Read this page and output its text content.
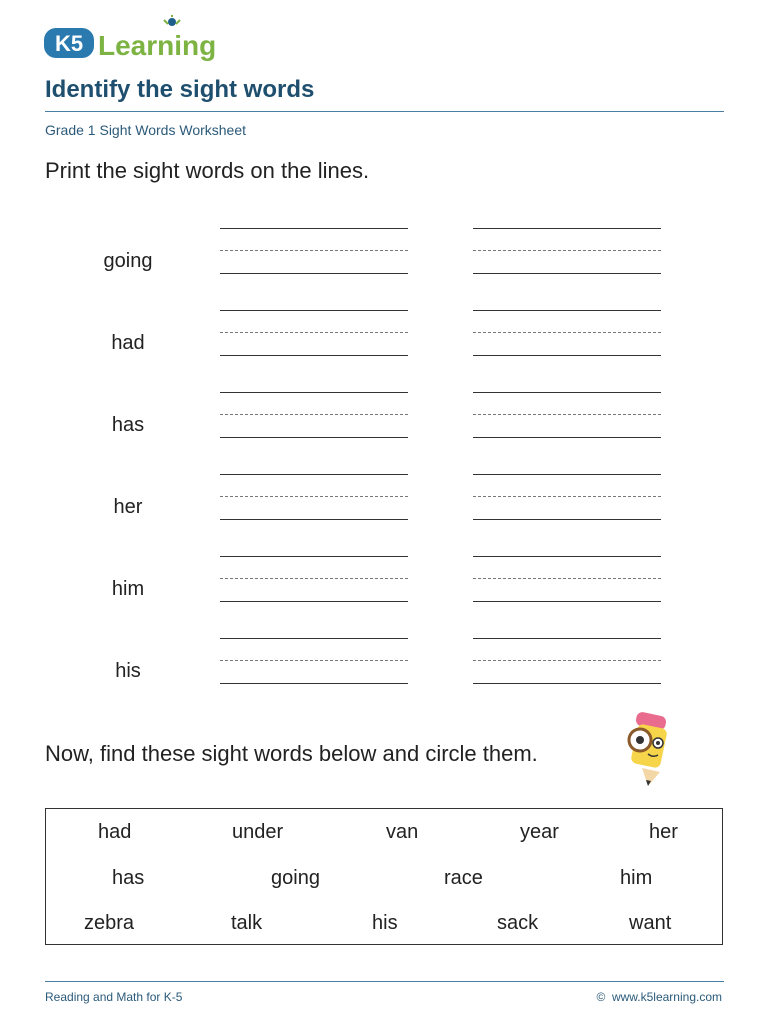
K5 Learning
Identify the sight words
Grade 1 Sight Words Worksheet
Print the sight words on the lines.
going
had
has
her
him
his
Now, find these sight words below and circle them.
had	under	van	year	her
has	going	race	him
zebra	talk	his	sack	want
Reading and Math for K-5	© www.k5learning.com
